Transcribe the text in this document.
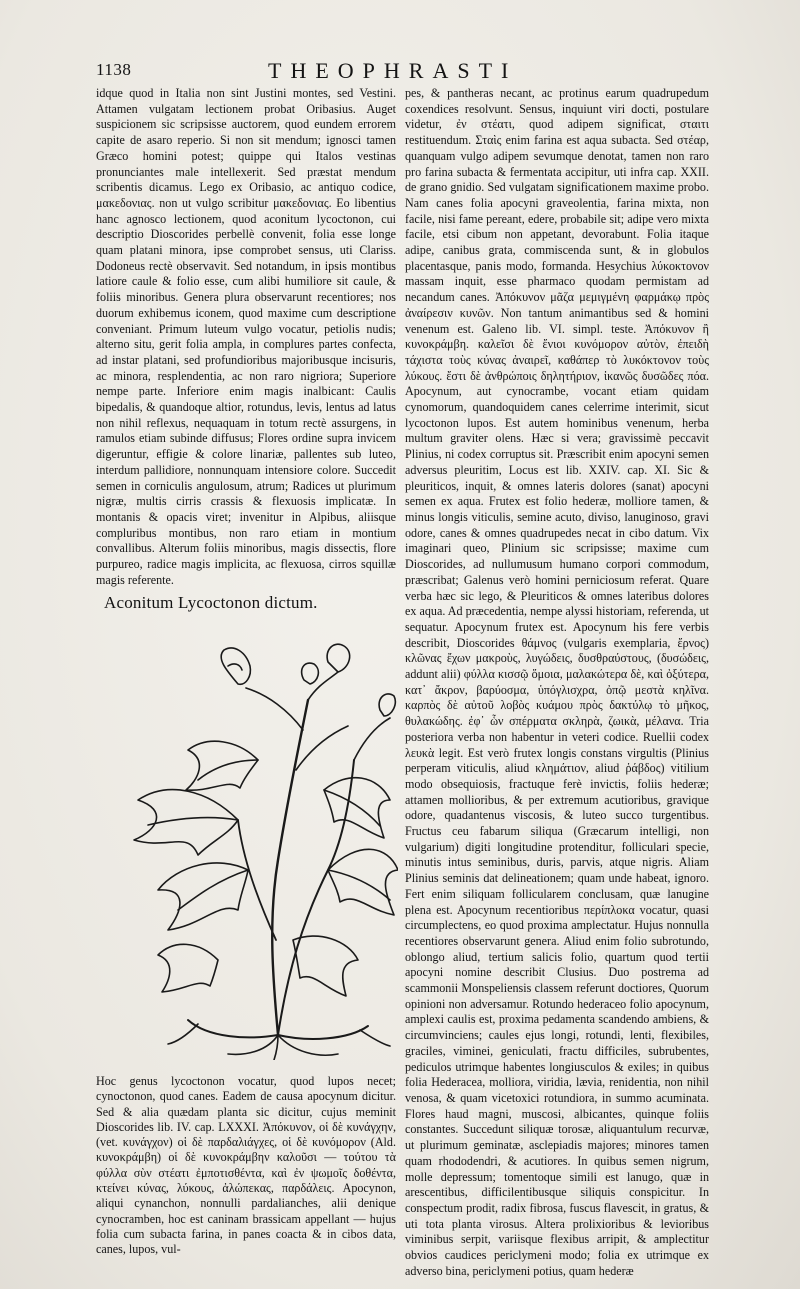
1138	THEOPHRASTI

idque quod in Italia non sint Justini montes, sed Vestini. Attamen vulgatam lectionem probat Oribasius. Auget suspicionem sic scripsisse auctorem, quod eundem errorem capite de asaro reperio. Si non sit mendum; ignosci tamen Græco homini potest; quippe qui Italos vestinas pronunciantes male intellexerit. Sed præstat mendum scribentis dicamus. Lego ex Oribasio, ac antiquo codice, μακεδονιας. non ut vulgo scribitur μακεδονιας. Eo libentius hanc agnosco lectionem, quod aconitum lycoctonon, cui descriptio Dioscorides perbellè convenit, folia esse longe quam platani minora, ipse comprobet sensus, uti Clariss. Dodoneus rectè observavit. Sed notandum, in ipsis montibus latiore caule & folio esse, cum alibi humiliore sit caule, & foliis minoribus. Genera plura observarunt recentiores; nos duorum exhibemus iconem, quod maxime cum descriptione conveniant. Primum luteum vulgo vocatur, petiolis nudis; alterno situ, gerit folia ampla, in complures partes confecta, ad instar platani, sed profundioribus majoribusque incisuris, ac minora, resplendentia, ac non raro nigriora; Superiore nempe parte. Inferiore enim magis inalbicant: Caulis bipedalis, & quandoque altior, rotundus, levis, lentus ad latus non nihil reflexus, nequaquam in totum rectè assurgens, in ramulos etiam subinde diffusus; Flores ordine supra invicem digeruntur, effigie & colore linariæ, pallentes sub luteo, interdum pallidiore, nonnunquam intensiore colore. Succedit semen in corniculis angulosum, atrum; Radices ut plurimum nigræ, multis cirris crassis & flexuosis implicatæ. In montanis & opacis viret; invenitur in Alpibus, aliisque compluribus montibus, non raro etiam in montium convallibus. Alterum foliis minoribus, magis dissectis, flore purpureo, radice magis implicita, ac flexuosa, cirros squillæ magis referente.

Aconitum Lycoctonon dictum.

Hoc genus lycoctonon vocatur, quod lupos necet; cynoctonon, quod canes. Eadem de causa apocynum dicitur. Sed & alia quædam planta sic dicitur, cujus meminit Dioscorides lib. IV. cap. LXXXI. Ἀπόκυνον, οἱ δὲ κυνάγχην, (vet. κυνάγχον) οἱ δὲ παρδαλιάγχες, οἱ δὲ κυνόμορον (Ald. κυνοκράμβη) οἱ δὲ κυνοκράμβην καλοῦσι — τούτου τὰ φύλλα σὺν στέατι ἐμποτισθέντα, καὶ ἐν ψωμοῖς δοθέντα, κτείνει κύνας, λύκους, ἀλώπεκας, παρδάλεις. Apocynon, aliqui cynanchon, nonnulli pardalianches, alii denique cynocramben, hoc est caninam brassicam appellant — hujus folia cum subacta farina, in panes coacta & in cibos data, canes, lupos, vul-

pes, & pantheras necant, ac protinus earum quadrupedum coxendices resolvunt. Sensus, inquiunt viri docti, postulare videtur, ἐν στέατι, quod adipem significat, σταιτι restituendum. Σταὶς enim farina est aqua subacta. Sed στέαρ, quanquam vulgo adipem sevumque denotat, tamen non raro pro farina subacta & fermentata accipitur, uti infra cap. XXII. de grano gnidio. Sed vulgatam significationem maxime probo. Nam canes folia apocyni graveolentia, farina mixta, non facile, nisi fame pereant, edere, probabile sit; adipe vero mixta facile, etsi cibum non appetant, devorabunt. Folia itaque adipe, canibus grata, commiscenda sunt, & in globulos placentasque, panis modo, formanda. Hesychius λύκοκτονον massam inquit, esse pharmaco quodam permistam ad necandum canes. Ἀπόκυνον μᾶζα μεμιγμένη φαρμάκῳ πρὸς ἀναίρεσιν κυνῶν. Non tantum animantibus sed & homini venenum est. Galeno lib. VI. simpl. teste. Ἀπόκυνον ἢ κυνοκράμβη. καλεῖσι δὲ ἔνιοι κυνόμορον αὐτὸν, ἐπειδὴ τάχιστα τοὺς κύνας ἀναιρεῖ, καθάπερ τὸ λυκόκτονον τοὺς λύκους. ἔστι δὲ ἀνθρώποις δηλητήριον, ἰκανῶς δυσῶδες πόα. Apocynum, aut cynocrambe, vocant etiam quidam cynomorum, quandoquidem canes celerrime interimit, sicut lycoctonon lupos. Est autem hominibus venenum, herba multum graviter olens. Hæc si vera; gravissimè peccavit Plinius, ni codex corruptus sit. Præscribit enim apocyni semen adversus pleuritim, Locus est lib. XXIV. cap. XI. Sic & pleuriticos, inquit, & omnes lateris dolores (sanat) apocyni semen ex aqua. Frutex est folio hederæ, molliore tamen, & minus longis viticulis, semine acuto, diviso, lanuginoso, gravi odore, canes & omnes quadrupedes necat in cibo datum. Vix imaginari queo, Plinium sic scripsisse; maxime cum Dioscorides, ad nullumusum humano corpori commodum, præscribat; Galenus verò homini perniciosum referat. Quare verba hæc sic lego, & Pleuriticos & omnes lateribus dolores ex aqua. Ad præcedentia, nempe alyssi historiam, referenda, ut sequatur. Apocynum frutex est. Apocynum his fere verbis describit, Dioscorides θάμνος (vulgaris exemplaria, ἔρνος) κλῶνας ἔχων μακροὺς, λυγώδεις, δυσθραύστους, (δυσώδεις, addunt alii) φύλλα κισσῷ ὅμοια, μαλακώτερα δὲ, καὶ ὀξύτερα, κατ᾽ ἄκρον, βαρύοσμα, ὑπόγλισχρα, ὀπῷ μεστὰ κηλῖνα. καρπὸς δὲ αὐτοῦ λοβὸς κυάμου πρὸς δακτύλῳ τὸ μῆκος, θυλακώδης. ἐφ᾽ ὧν σπέρματα σκληρὰ, ζωικὰ, μέλανα. Tria posteriora verba non habentur in veteri codice. Ruellii codex λευκὰ legit. Est verò frutex longis constans virgultis (Plinius perperam viticulis, aliud κλημάτιον, aliud ῥάβδος) vitilium modo obsequiosis, fractuque ferè invictis, foliis hederæ; attamen mollioribus, & per extremum acutioribus, gravique odore, quadantenus viscosis, & luteo succo turgentibus. Fructus ceu fabarum siliqua (Græcarum intelligi, non vulgarium) digiti longitudine protenditur, folliculari specie, minutis intus seminibus, duris, parvis, atque nigris. Aliam Plinius seminis dat delineationem; quam unde habeat, ignoro. Fert enim siliquam follicularem conclusam, quæ lanugine plena est. Apocynum recentioribus περίπλοκα vocatur, quasi circumplectens, eo quod proxima amplectatur. Hujus nonnulla recentiores observarunt genera. Aliud enim folio subrotundo, oblongo aliud, tertium salicis folio, quartum quod tertii apocyni nomine describit Clusius. Duo postrema ad scammonii Monspeliensis classem referunt doctiores, Quorum opinioni non adversamur. Rotundo hederaceo folio apocynum, amplexi caulis est, proxima pedamenta scandendo ambiens, & circumvinciens; caules ejus longi, rotundi, lenti, flexibiles, graciles, viminei, geniculati, fractu difficiles, subrubentes, pediculos utrimque habentes longiusculos & exiles; in quibus folia Hederacea, molliora, viridia, lævia, renidentia, non nihil venosa, & quam vicetoxici rotundiora, in summo acuminata. Flores haud magni, muscosi, albicantes, quinque foliis constantes. Succedunt siliquæ torosæ, aliquantulum recurvæ, ut plurimum geminatæ, asclepiadis majores; minores tamen quam rhododendri, & acutiores. In quibus semen nigrum, molle depressum; tomentoque simili est lanugo, quæ in arescentibus, difficilentibusque siliquis conspicitur. In conspectum prodit, radix fibrosa, fuscus flavescit, in gratus, & uti tota planta virosus. Altera prolixioribus & levioribus viminibus serpit, variisque flexibus arripit, & amplectitur obvios caudices periclymeni modo; folia ex utrimque ex adverso bina, periclymeni potius, quam hederæ
